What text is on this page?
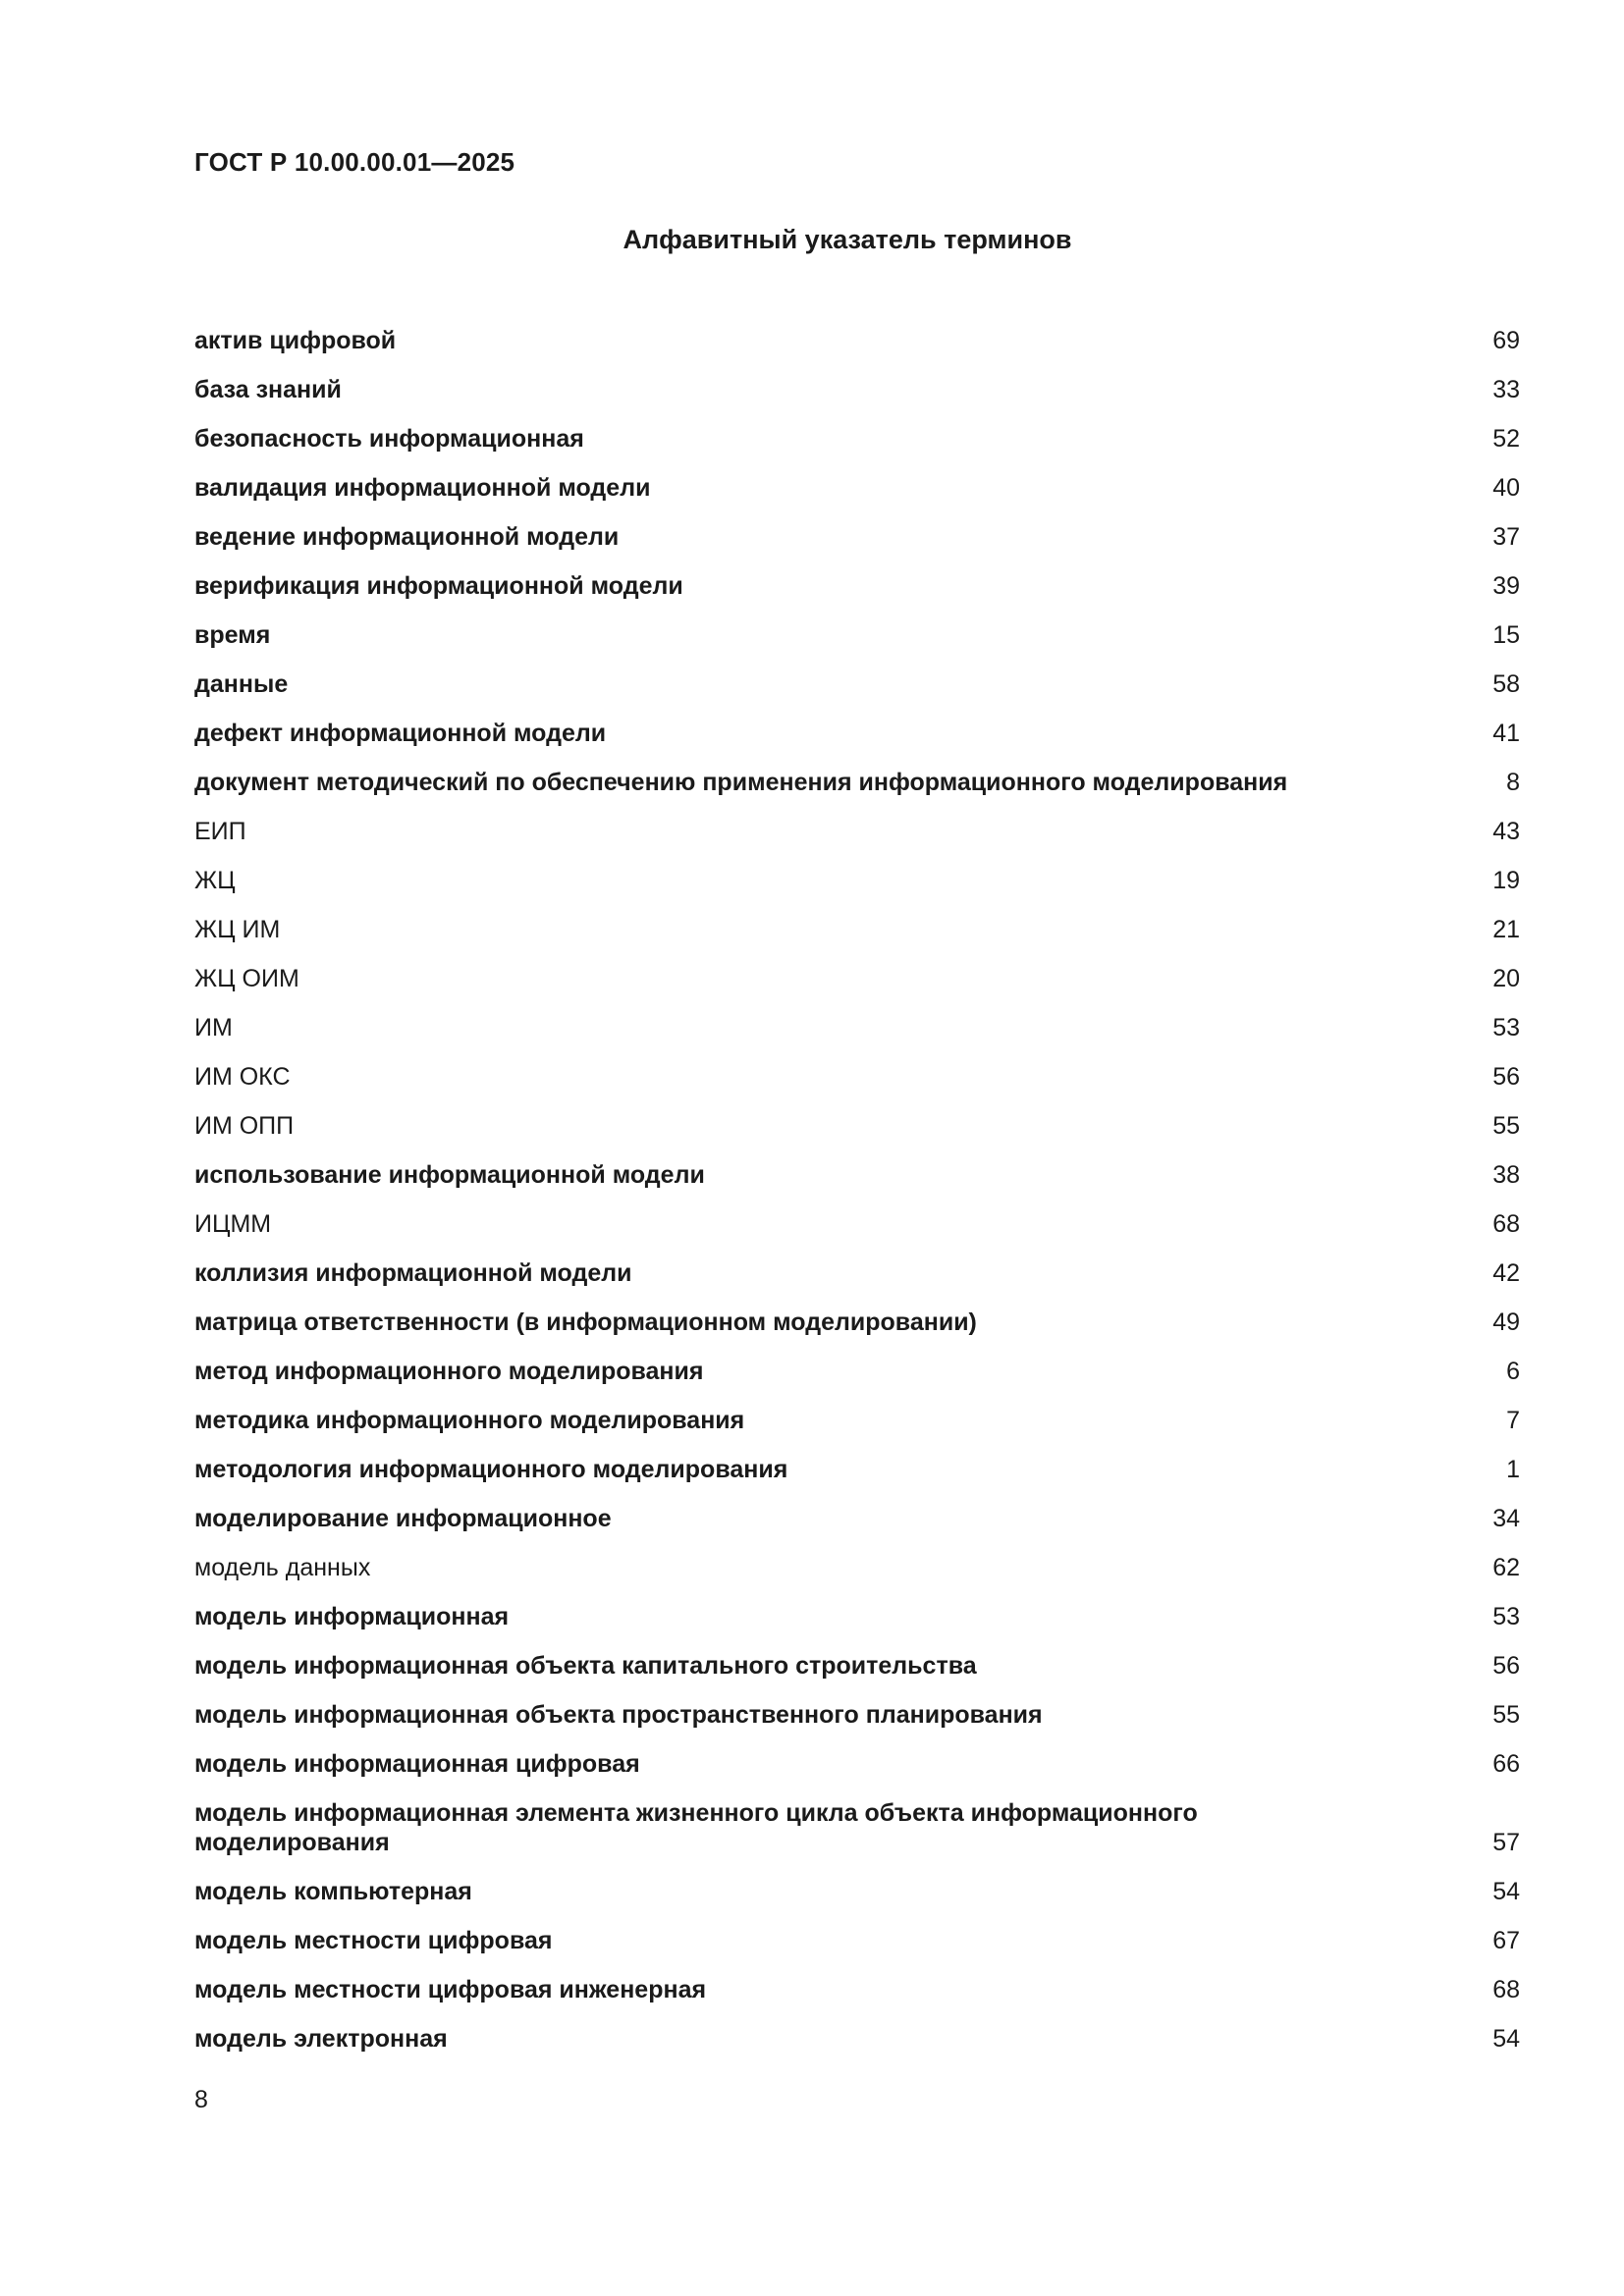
ГОСТ Р 10.00.00.01—2025
Алфавитный указатель терминов
актив цифровой	69
база знаний	33
безопасность информационная	52
валидация информационной модели	40
ведение информационной модели	37
верификация информационной модели	39
время	15
данные	58
дефект информационной модели	41
документ методический по обеспечению применения информационного моделирования	8
ЕИП	43
ЖЦ	19
ЖЦ ИМ	21
ЖЦ ОИМ	20
ИМ	53
ИМ ОКС	56
ИМ ОПП	55
использование информационной модели	38
ИЦММ	68
коллизия информационной модели	42
матрица ответственности (в информационном моделировании)	49
метод информационного моделирования	6
методика информационного моделирования	7
методология информационного моделирования	1
моделирование информационное	34
модель данных	62
модель информационная	53
модель информационная объекта капитального строительства	56
модель информационная объекта пространственного планирования	55
модель информационная цифровая	66
модель информационная элемента жизненного цикла объекта информационного моделирования	57
модель компьютерная	54
модель местности цифровая	67
модель местности цифровая инженерная	68
модель электронная	54
8
